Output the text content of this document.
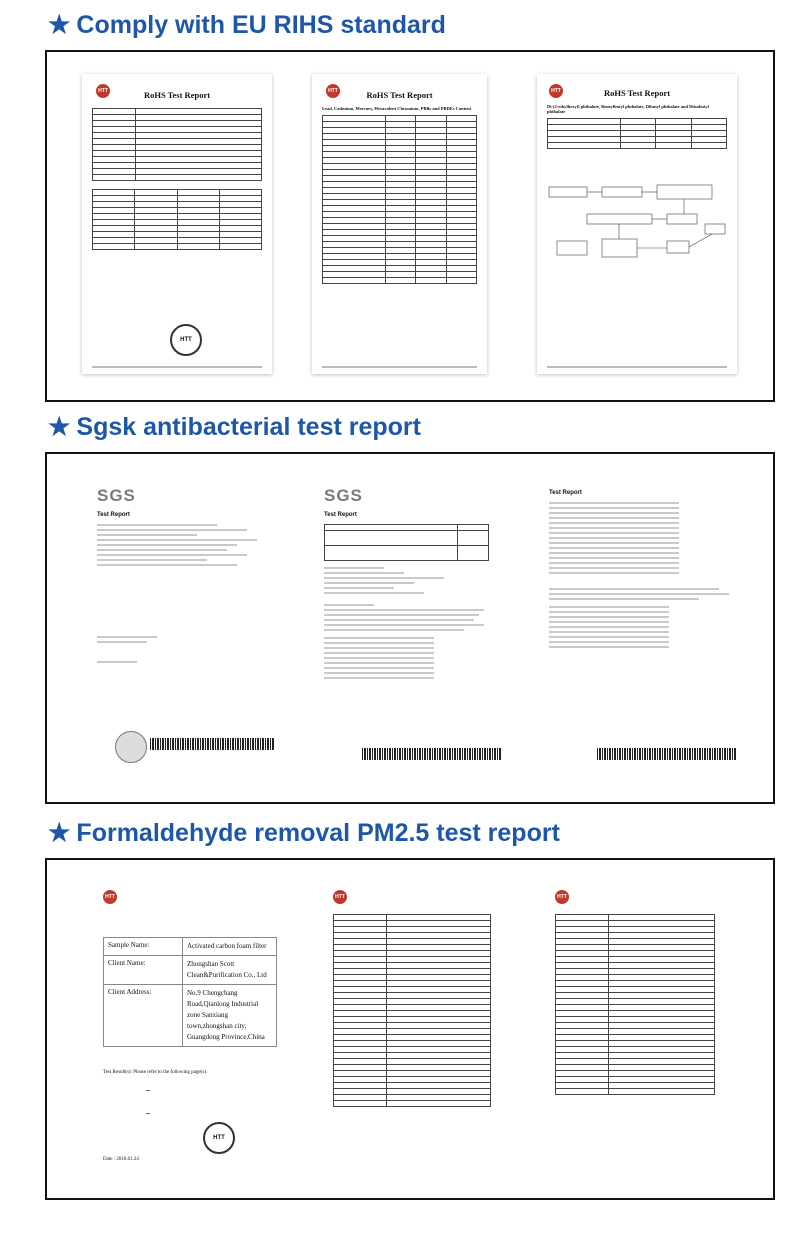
★ Comply with EU RIHS standard
HTT	RoHS Test Report

HTT
HTT	RoHS Test Report
Lead, Cadmium, Mercury, Hexavalent Chromium, PBBs and PBDEs Content

HTT	RoHS Test Report
Di-(2-ethylhexyl) phthalate, Benzylbutyl phthalate, Dibutyl phthalate and Diisobutyl phthalate

★ Sgsk antibacterial test report
SGS
Test Report
SGS
Test Report

Test Report
★ Formaldehyde removal PM2.5 test report
HTT
Sample Name:	Activated carbon foam filter
Client Name:	Zhongshan Scott Clean&Purification Co., Ltd
Client Address:	No.9 Chengchang Road,Qianlong Industrial zone Sanxiang town,zhongshan city, Guangdong Province,China
Test Result(s): Please refer to the following page(s).
~
~
HTT
Date : 2018.01.24
HTT

		HTT
